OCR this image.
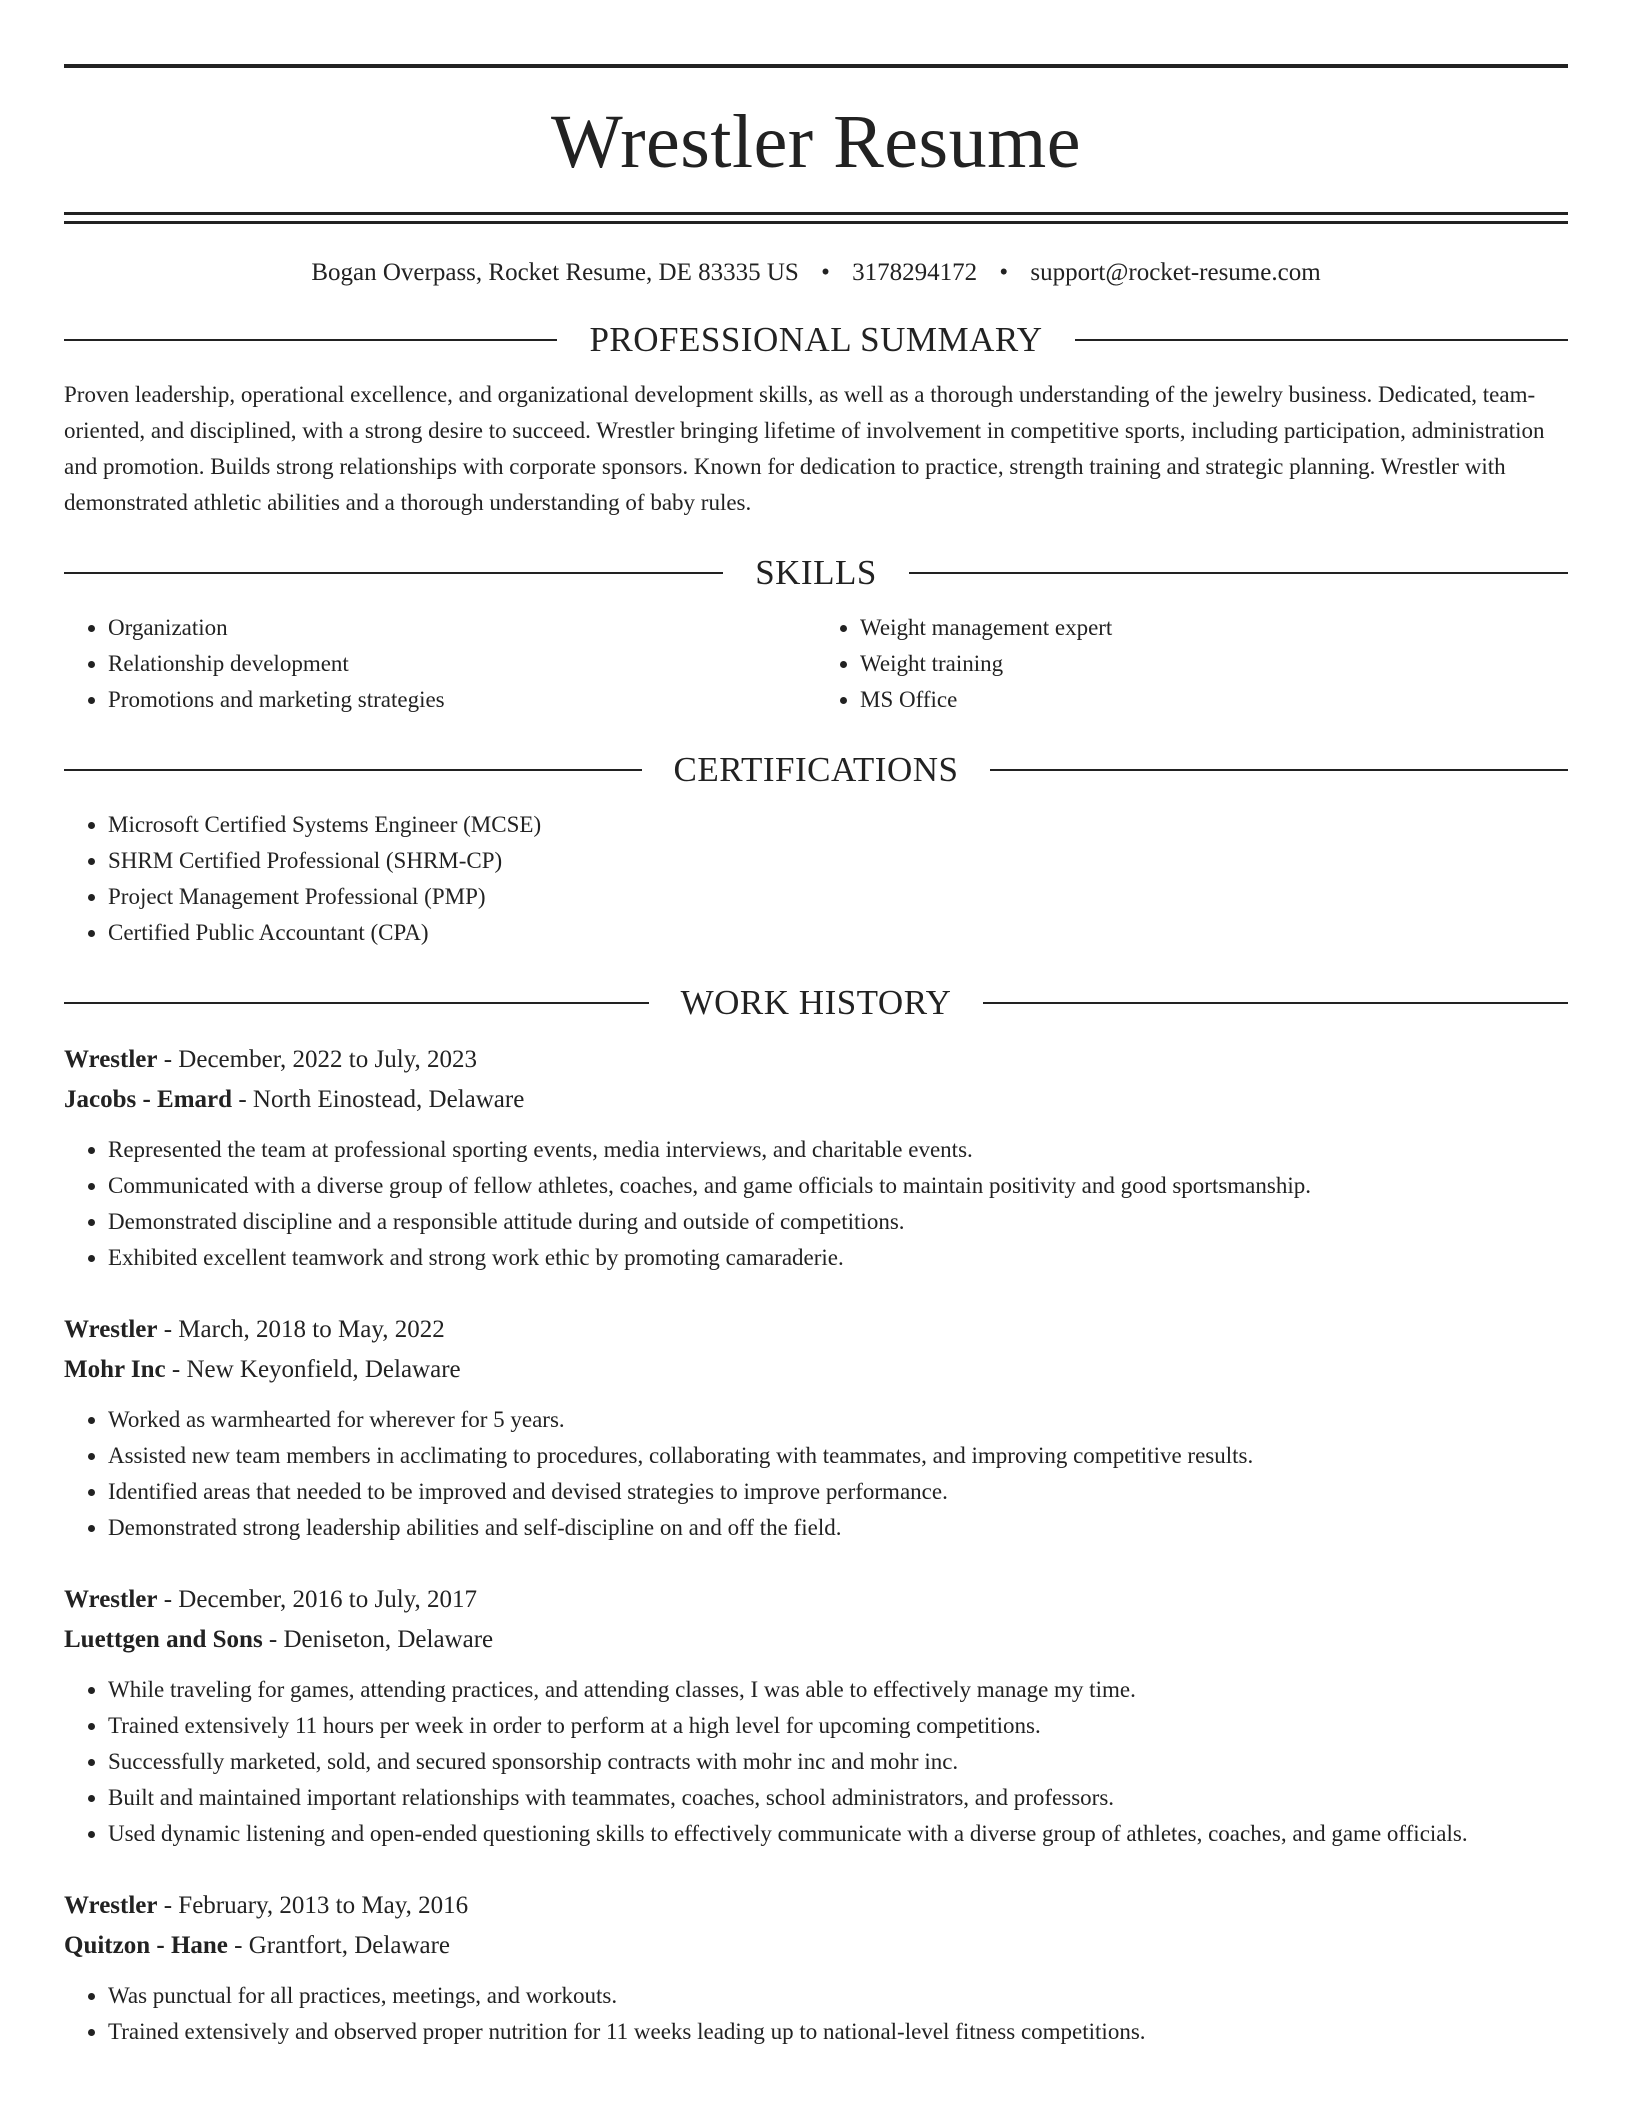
Wrestler Resume
Bogan Overpass, Rocket Resume, DE 83335 US • 3178294172 • support@rocket-resume.com
PROFESSIONAL SUMMARY

Proven leadership, operational excellence, and organizational development skills, as well as a thorough understanding of the jewelry business. Dedicated, team-oriented, and disciplined, with a strong desire to succeed. Wrestler bringing lifetime of involvement in competitive sports, including participation, administration and promotion. Builds strong relationships with corporate sponsors. Known for dedication to practice, strength training and strategic planning. Wrestler with demonstrated athletic abilities and a thorough understanding of baby rules.

SKILLS
• Organization
• Relationship development
• Promotions and marketing strategies
• Weight management expert
• Weight training
• MS Office
CERTIFICATIONS
• Microsoft Certified Systems Engineer (MCSE)
• SHRM Certified Professional (SHRM-CP)
• Project Management Professional (PMP)
• Certified Public Accountant (CPA)
WORK HISTORY
Wrestler - December, 2022 to July, 2023
Jacobs - Emard - North Einostead, Delaware
• Represented the team at professional sporting events, media interviews, and charitable events.
• Communicated with a diverse group of fellow athletes, coaches, and game officials to maintain positivity and good sportsmanship.
• Demonstrated discipline and a responsible attitude during and outside of competitions.
• Exhibited excellent teamwork and strong work ethic by promoting camaraderie.
Wrestler - March, 2018 to May, 2022
Mohr Inc - New Keyonfield, Delaware
• Worked as warmhearted for wherever for 5 years.
• Assisted new team members in acclimating to procedures, collaborating with teammates, and improving competitive results.
• Identified areas that needed to be improved and devised strategies to improve performance.
• Demonstrated strong leadership abilities and self-discipline on and off the field.
Wrestler - December, 2016 to July, 2017
Luettgen and Sons - Deniseton, Delaware
• While traveling for games, attending practices, and attending classes, I was able to effectively manage my time.
• Trained extensively 11 hours per week in order to perform at a high level for upcoming competitions.
• Successfully marketed, sold, and secured sponsorship contracts with mohr inc and mohr inc.
• Built and maintained important relationships with teammates, coaches, school administrators, and professors.
• Used dynamic listening and open-ended questioning skills to effectively communicate with a diverse group of athletes, coaches, and game officials.
Wrestler - February, 2013 to May, 2016
Quitzon - Hane - Grantfort, Delaware
• Was punctual for all practices, meetings, and workouts.
• Trained extensively and observed proper nutrition for 11 weeks leading up to national-level fitness competitions.
